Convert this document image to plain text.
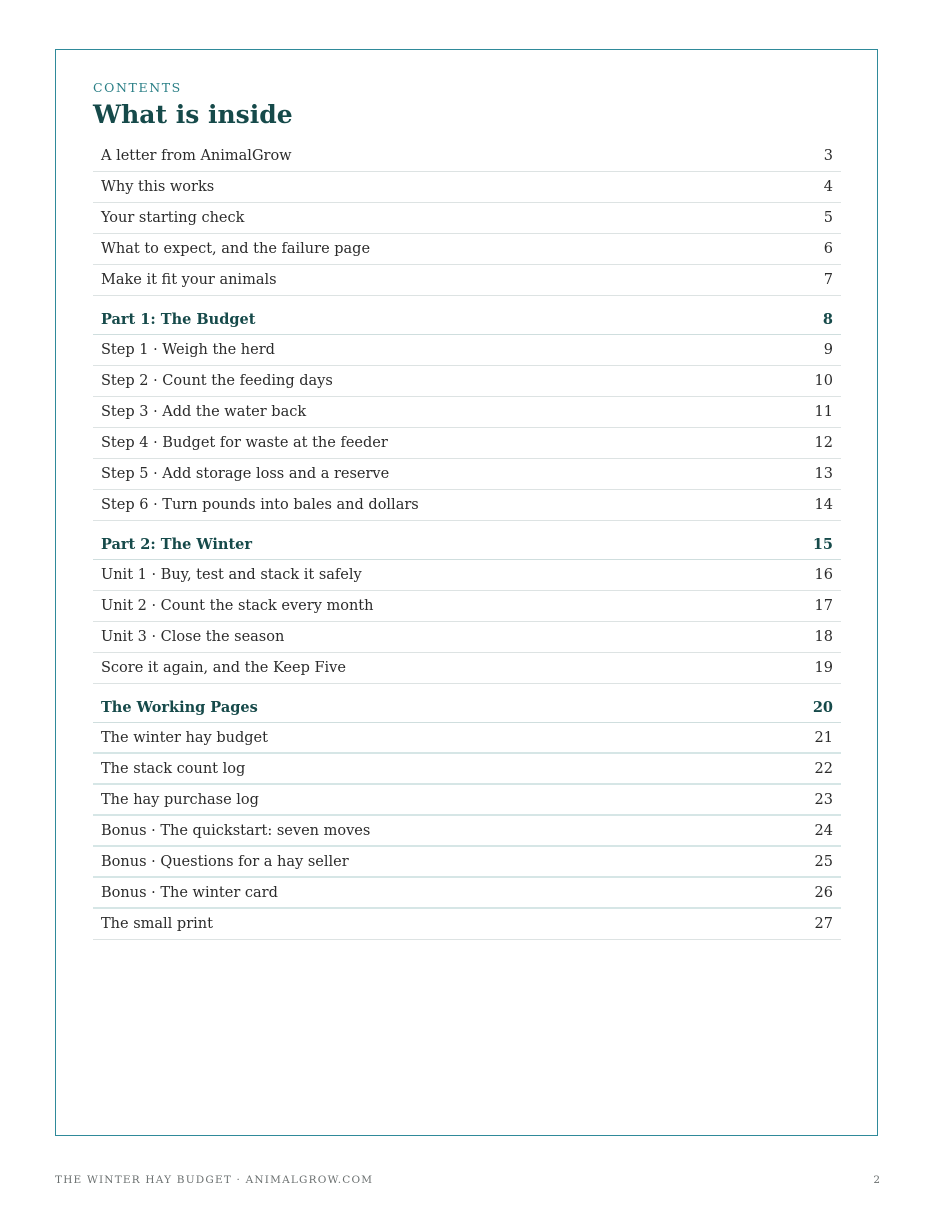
CONTENTS
What is inside
A letter from AnimalGrow	3
Why this works	4
Your starting check	5
What to expect, and the failure page	6
Make it fit your animals	7
Part 1: The Budget	8
Step 1 · Weigh the herd	9
Step 2 · Count the feeding days	10
Step 3 · Add the water back	11
Step 4 · Budget for waste at the feeder	12
Step 5 · Add storage loss and a reserve	13
Step 6 · Turn pounds into bales and dollars	14
Part 2: The Winter	15
Unit 1 · Buy, test and stack it safely	16
Unit 2 · Count the stack every month	17
Unit 3 · Close the season	18
Score it again, and the Keep Five	19
The Working Pages	20
The winter hay budget	21
The stack count log	22
The hay purchase log	23
Bonus · The quickstart: seven moves	24
Bonus · Questions for a hay seller	25
Bonus · The winter card	26
The small print	27
THE WINTER HAY BUDGET · ANIMALGROW.COM	2
